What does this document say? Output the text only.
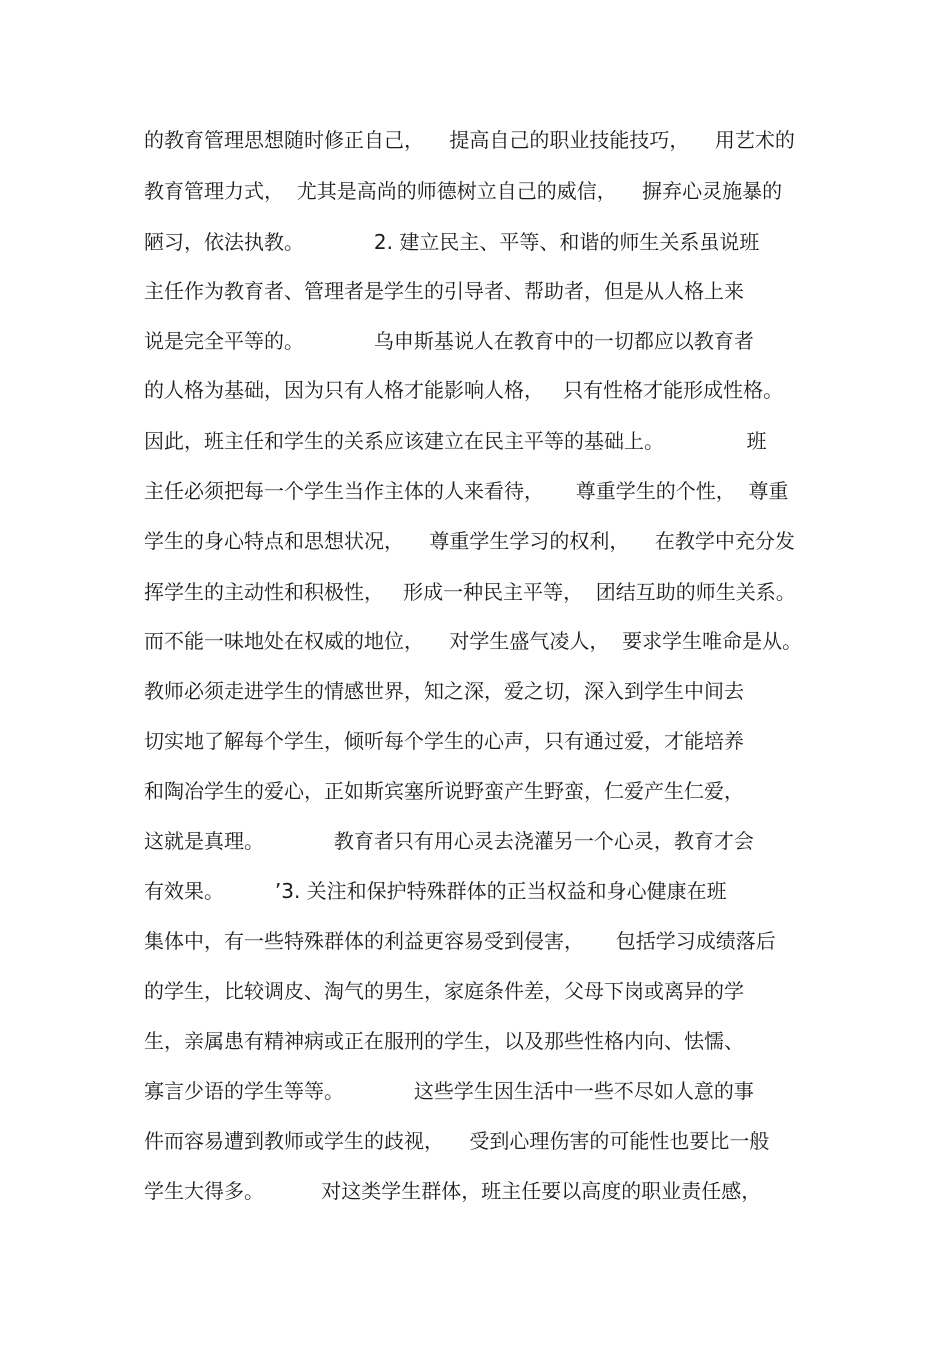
的教育管理思想随时修正自己，    提高自己的职业技能技巧，    用艺术的
教育管理力式，  尤其是高尚的师德树立自己的威信，    摒弃心灵施暴的
陋习，依法执教。           2. 建立民主、平等、和谐的师生关系虽说班
主任作为教育者、管理者是学生的引导者、帮助者，但是从人格上来
说是完全平等的。           乌申斯基说人在教育中的一切都应以教育者
的人格为基础，因为只有人格才能影响人格，   只有性格才能形成性格。
因此，班主任和学生的关系应该建立在民主平等的基础上。             班
主任必须把每一个学生当作主体的人来看待，     尊重学生的个性，  尊重
学生的身心特点和思想状况，    尊重学生学习的权利，    在教学中充分发
挥学生的主动性和积极性，   形成一种民主平等，  团结互助的师生关系。
而不能一味地处在权威的地位，    对学生盛气凌人，  要求学生唯命是从。
教师必须走进学生的情感世界，知之深，爱之切，深入到学生中间去
切实地了解每个学生，倾听每个学生的心声，只有通过爱，才能培养
和陶冶学生的爱心，正如斯宾塞所说野蛮产生野蛮，仁爱产生仁爱，
这就是真理。           教育者只有用心灵去浇灌另一个心灵，教育才会
有效果。        ’3. 关注和保护特殊群体的正当权益和身心健康在班
集体中，有一些特殊群体的利益更容易受到侵害，     包括学习成绩落后
的学生，比较调皮、淘气的男生，家庭条件差，父母下岗或离异的学
生，亲属患有精神病或正在服刑的学生，以及那些性格内向、怯懦、
寡言少语的学生等等。           这些学生因生活中一些不尽如人意的事
件而容易遭到教师或学生的歧视，    受到心理伤害的可能性也要比一般
学生大得多。         对这类学生群体，班主任要以高度的职业责任感，
